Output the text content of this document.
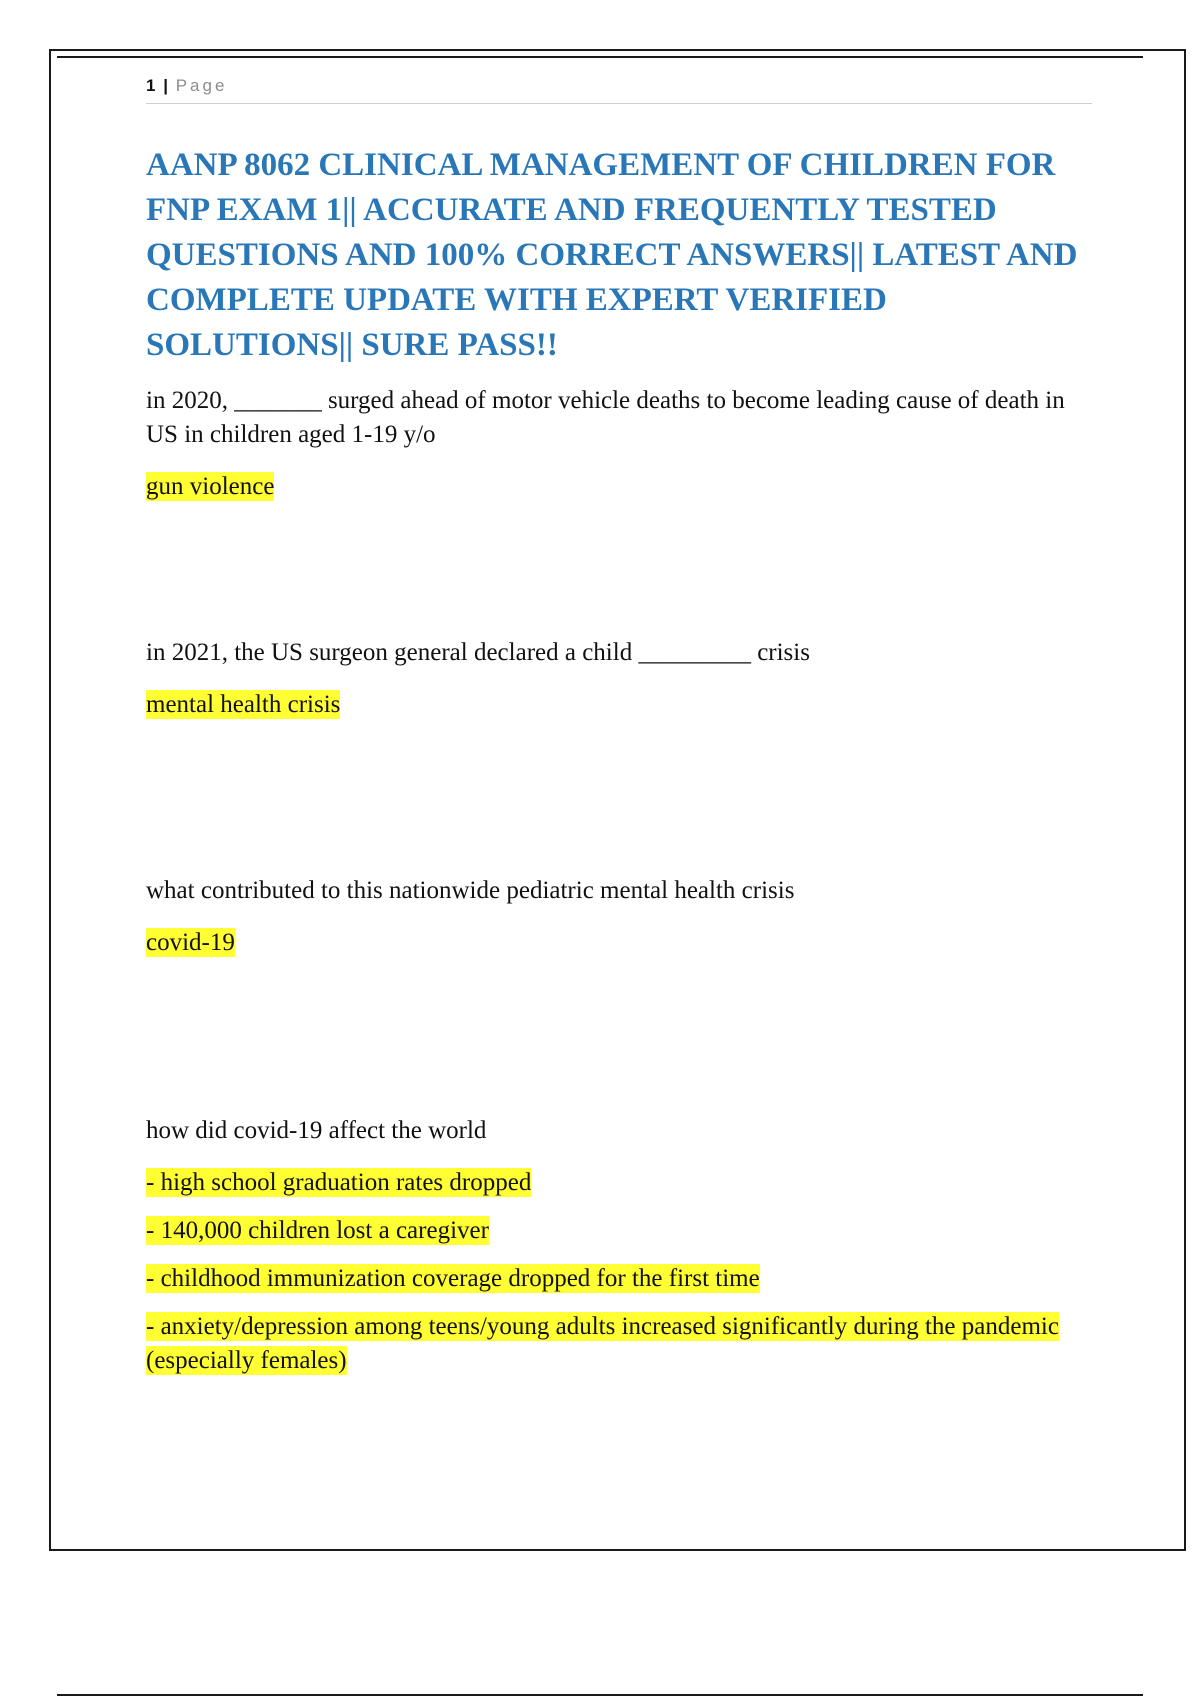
1 | Page
AANP 8062 CLINICAL MANAGEMENT OF CHILDREN FOR FNP EXAM 1|| ACCURATE AND FREQUENTLY TESTED QUESTIONS AND 100% CORRECT ANSWERS|| LATEST AND COMPLETE UPDATE WITH EXPERT VERIFIED SOLUTIONS|| SURE PASS!!

in 2020, _______ surged ahead of motor vehicle deaths to become leading cause of death in US in children aged 1-19 y/o

gun violence

in 2021, the US surgeon general declared a child _________ crisis

mental health crisis

what contributed to this nationwide pediatric mental health crisis

covid-19

how did covid-19 affect the world

- high school graduation rates dropped

- 140,000 children lost a caregiver

- childhood immunization coverage dropped for the first time

- anxiety/depression among teens/young adults increased significantly during the pandemic (especially females)
